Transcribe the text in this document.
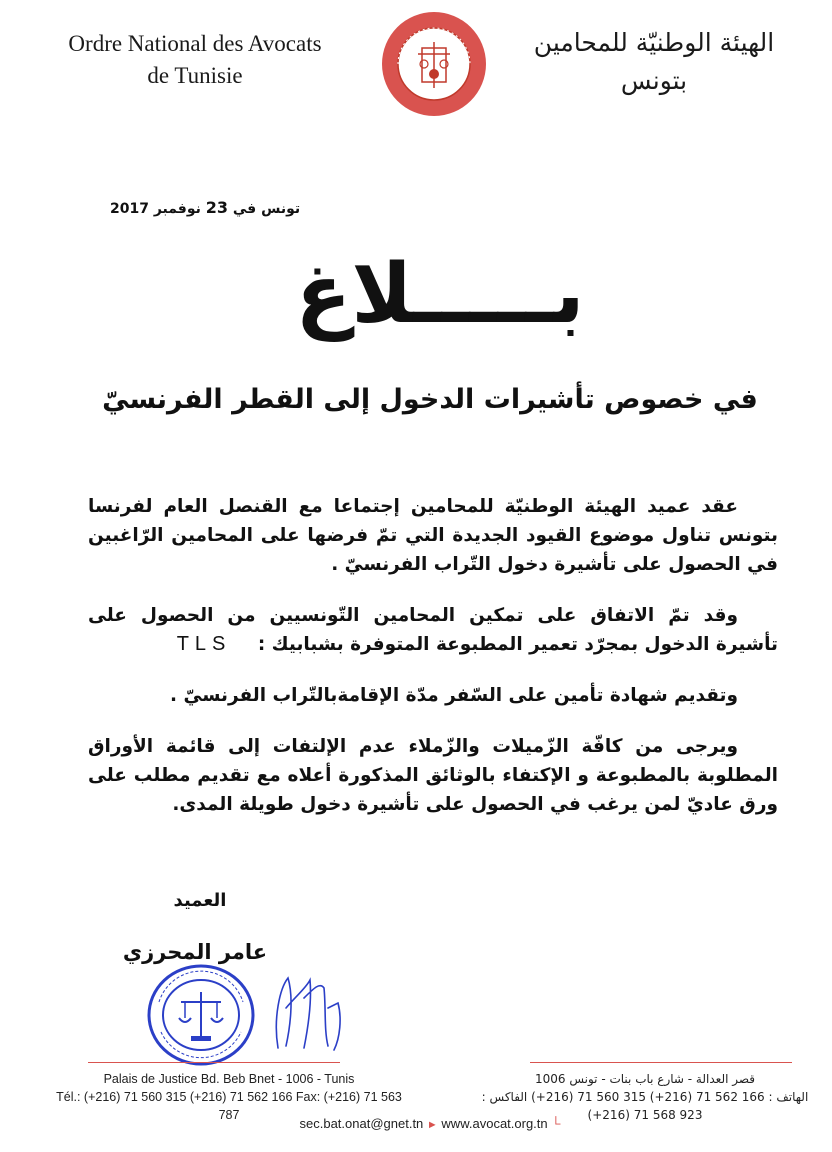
Ordre National des Avocats
de Tunisie
الهيئة الوطنيّة للمحامين
بتونس
تونس في 23 نوفمبر 2017
بـــــلاغ
في خصوص تأشيرات الدخول إلى القطر الفرنسيّ

عقد عميد الهيئة الوطنيّة للمحامين إجتماعا مع القنصل العام لفرنسا بتونس تناول موضوع القيود الجديدة التي تمّ فرضها على المحامين الرّاغبين في الحصول على تأشيرة دخول التّراب الفرنسيّ .

وقد تمّ الاتفاق على تمكين المحامين التّونسيين من الحصول على تأشيرة الدخول بمجرّد تعمير المطبوعة المتوفرة بشبابيك : TLS

وتقديم شهادة تأمين على السّفر مدّة الإقامةبالتّراب الفرنسيّ .

ويرجى من كافّة الزّميلات والزّملاء عدم الإلتفات إلى قائمة الأوراق المطلوبة بالمطبوعة و الإكتفاء بالوثائق المذكورة أعلاه مع تقديم مطلب على ورق عاديّ لمن يرغب في الحصول على تأشيرة دخول طويلة المدى.

العميد
عامر المحرزي
Palais de Justice Bd. Beb Bnet - 1006 - Tunis
Tél.: (+216) 71 560 315 (+216) 71 562 166 Fax: (+216) 71 563 787
قصر العدالة - شارع باب بنات - تونس 1006
الهاتف : 166 562 71 (216+) 315 560 71 (216+) الفاكس : 923 568 71 (216+)
sec.bat.onat@gnet.tn ► www.avocat.org.tn └
